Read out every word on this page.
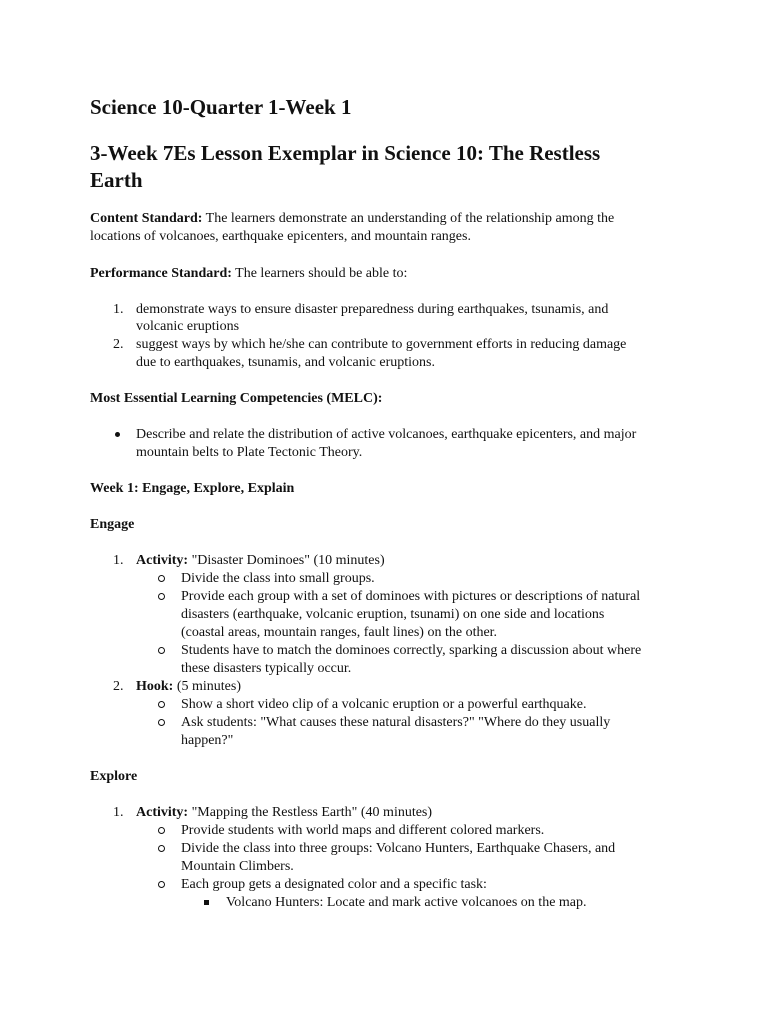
Science 10-Quarter 1-Week 1
3-Week 7Es Lesson Exemplar in Science 10: The Restless
Earth
Content Standard: The learners demonstrate an understanding of the relationship among the
locations of volcanoes, earthquake epicenters, and mountain ranges.
Performance Standard: The learners should be able to:
1. demonstrate ways to ensure disaster preparedness during earthquakes, tsunamis, and
volcanic eruptions
2. suggest ways by which he/she can contribute to government efforts in reducing damage
due to earthquakes, tsunamis, and volcanic eruptions.
Most Essential Learning Competencies (MELC):
Describe and relate the distribution of active volcanoes, earthquake epicenters, and major
mountain belts to Plate Tectonic Theory.
Week 1: Engage, Explore, Explain
Engage
1. Activity: "Disaster Dominoes" (10 minutes)
Divide the class into small groups.
Provide each group with a set of dominoes with pictures or descriptions of natural
disasters (earthquake, volcanic eruption, tsunami) on one side and locations
(coastal areas, mountain ranges, fault lines) on the other.
Students have to match the dominoes correctly, sparking a discussion about where
these disasters typically occur.
2. Hook: (5 minutes)
Show a short video clip of a volcanic eruption or a powerful earthquake.
Ask students: "What causes these natural disasters?" "Where do they usually
happen?"
Explore
1. Activity: "Mapping the Restless Earth" (40 minutes)
Provide students with world maps and different colored markers.
Divide the class into three groups: Volcano Hunters, Earthquake Chasers, and
Mountain Climbers.
Each group gets a designated color and a specific task:
Volcano Hunters: Locate and mark active volcanoes on the map.
